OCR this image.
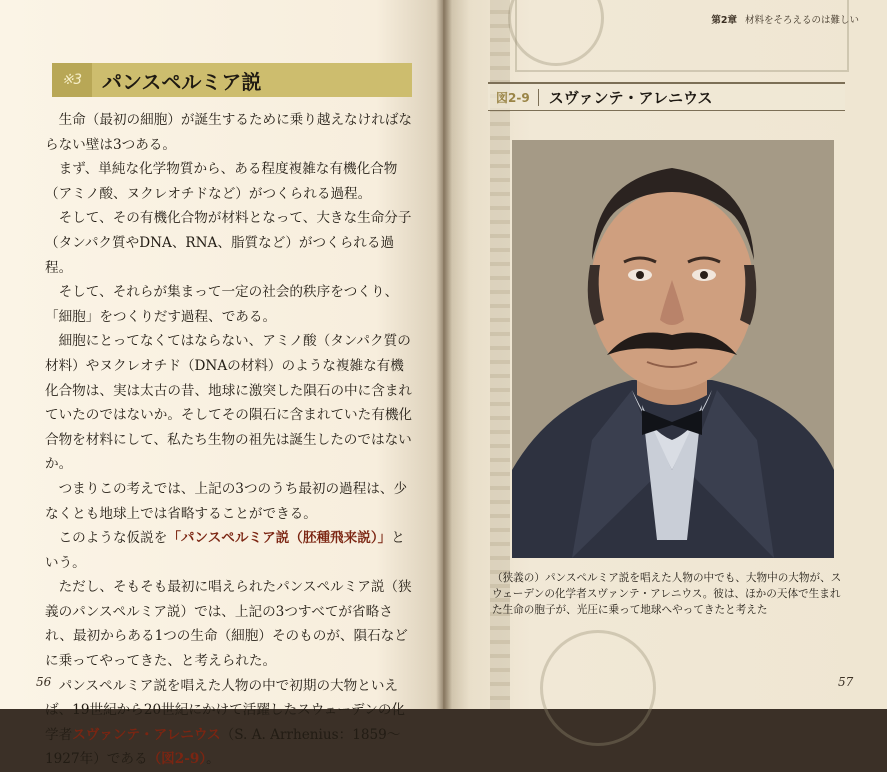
※3 パンスペルミア説

生命（最初の細胞）が誕生するために乗り越えなければならない壁は3つある。

まず、単純な化学物質から、ある程度複雑な有機化合物（アミノ酸、ヌクレオチドなど）がつくられる過程。

そして、その有機化合物が材料となって、大きな生命分子（タンパク質やDNA、RNA、脂質など）がつくられる過程。

そして、それらが集まって一定の社会的秩序をつくり、「細胞」をつくりだす過程、である。

細胞にとってなくてはならない、アミノ酸（タンパク質の材料）やヌクレオチド（DNAの材料）のような複雑な有機化合物は、実は太古の昔、地球に激突した隕石の中に含まれていたのではないか。そしてその隕石に含まれていた有機化合物を材料にして、私たち生物の祖先は誕生したのではないか。

つまりこの考えでは、上記の3つのうち最初の過程は、少なくとも地球上では省略することができる。

このような仮説を「パンスペルミア説（胚種飛来説）」という。

ただし、そもそも最初に唱えられたパンスペルミア説（狭義のパンスペルミア説）では、上記の3つすべてが省略され、最初からある1つの生命（細胞）そのものが、隕石などに乗ってやってきた、と考えられた。

パンスペルミア説を唱えた人物の中で初期の大物といえば、19世紀から20世紀にかけて活躍したスウェーデンの化学者スヴァンテ・アレニウス（S. A. Arrhenius：1859〜1927年）である（図2-9）。

56
第2章 材料をそろえるのは難しい
図2-9	スヴァンテ・アレニウス
（狭義の）パンスペルミア説を唱えた人物の中でも、大物中の大物が、スウェーデンの化学者スヴァンテ・アレニウス。彼は、ほかの天体で生まれた生命の胞子が、光圧に乗って地球へやってきたと考えた
57
